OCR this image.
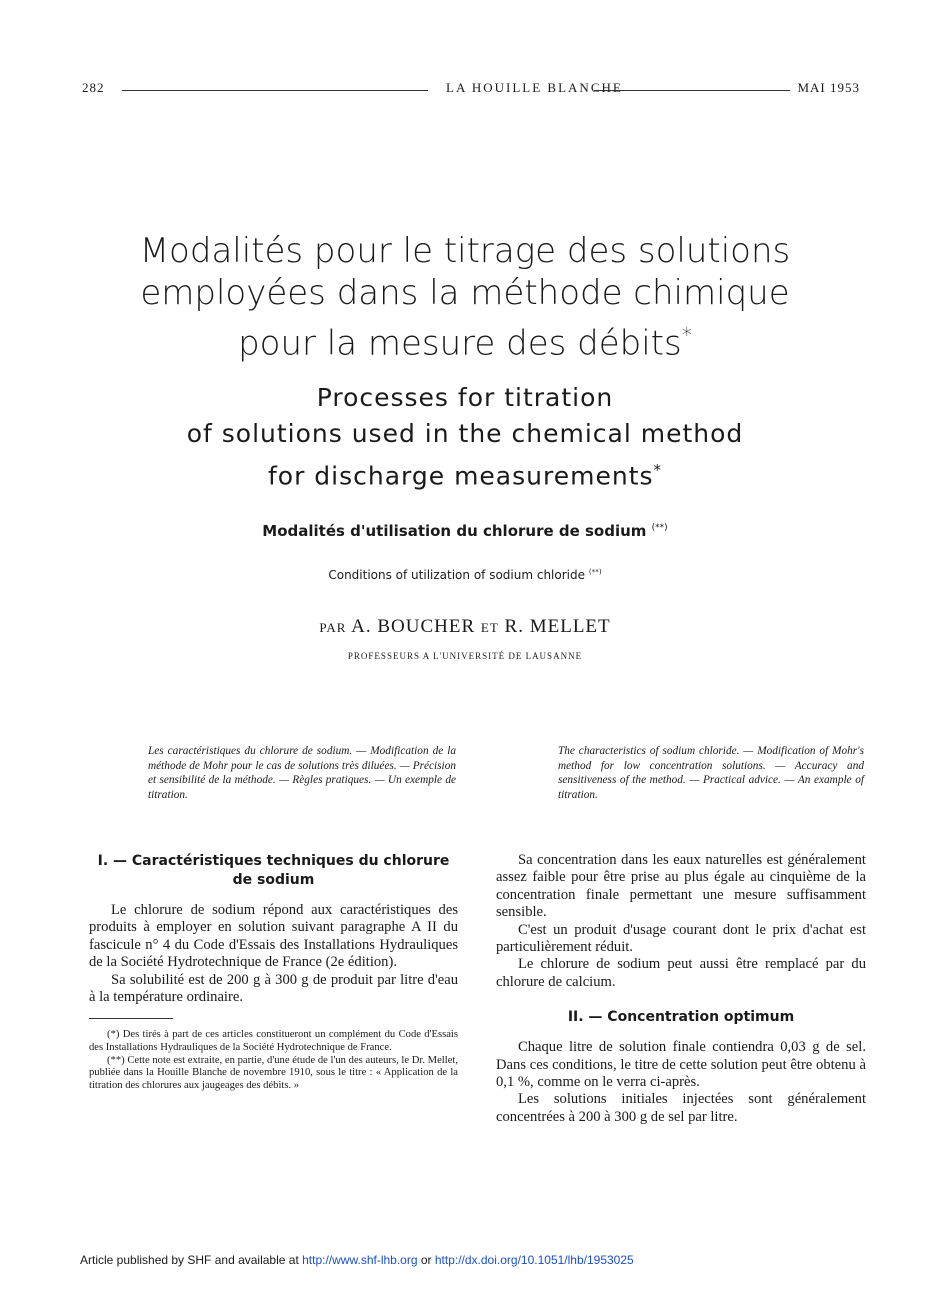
282	LA HOUILLE BLANCHE	MAI 1953
Modalités pour le titrage des solutions
employées dans la méthode chimique
pour la mesure des débits*
Processes for titration
of solutions used in the chemical method
for discharge measurements*
Modalités d'utilisation du chlorure de sodium (**)
Conditions of utilization of sodium chloride (**)
PAR A. BOUCHER ET R. MELLET
PROFESSEURS A L'UNIVERSITÉ DE LAUSANNE
Les caractéristiques du chlorure de sodium. — Modification de la méthode de Mohr pour le cas de solutions très diluées. — Précision et sensibilité de la méthode. — Règles pratiques. — Un exemple de titration.
The characteristics of sodium chloride. — Modification of Mohr's method for low concentration solutions. — Accuracy and sensitiveness of the method. — Practical advice. — An example of titration.
I. — Caractéristiques techniques du chlorure de sodium

Le chlorure de sodium répond aux caractéristiques des produits à employer en solution suivant paragraphe A II du fascicule n° 4 du Code d'Essais des Installations Hydrauliques de la Société Hydrotechnique de France (2e édition).

Sa solubilité est de 200 g à 300 g de produit par litre d'eau à la température ordinaire.

(*) Des tirés à part de ces articles constitueront un complément du Code d'Essais des Installations Hydrauliques de la Société Hydrotechnique de France.

(**) Cette note est extraite, en partie, d'une étude de l'un des auteurs, le Dr. Mellet, publiée dans la Houille Blanche de novembre 1910, sous le titre : « Application de la titration des chlorures aux jaugeages des débits. »

Sa concentration dans les eaux naturelles est généralement assez faible pour être prise au plus égale au cinquième de la concentration finale permettant une mesure suffisamment sensible.

C'est un produit d'usage courant dont le prix d'achat est particulièrement réduit.

Le chlorure de sodium peut aussi être remplacé par du chlorure de calcium.

II. — Concentration optimum

Chaque litre de solution finale contiendra 0,03 g de sel. Dans ces conditions, le titre de cette solution peut être obtenu à 0,1 %, comme on le verra ci-après.

Les solutions initiales injectées sont généralement concentrées à 200 à 300 g de sel par litre.

Article published by SHF and available at http://www.shf-lhb.org or http://dx.doi.org/10.1051/lhb/1953025
